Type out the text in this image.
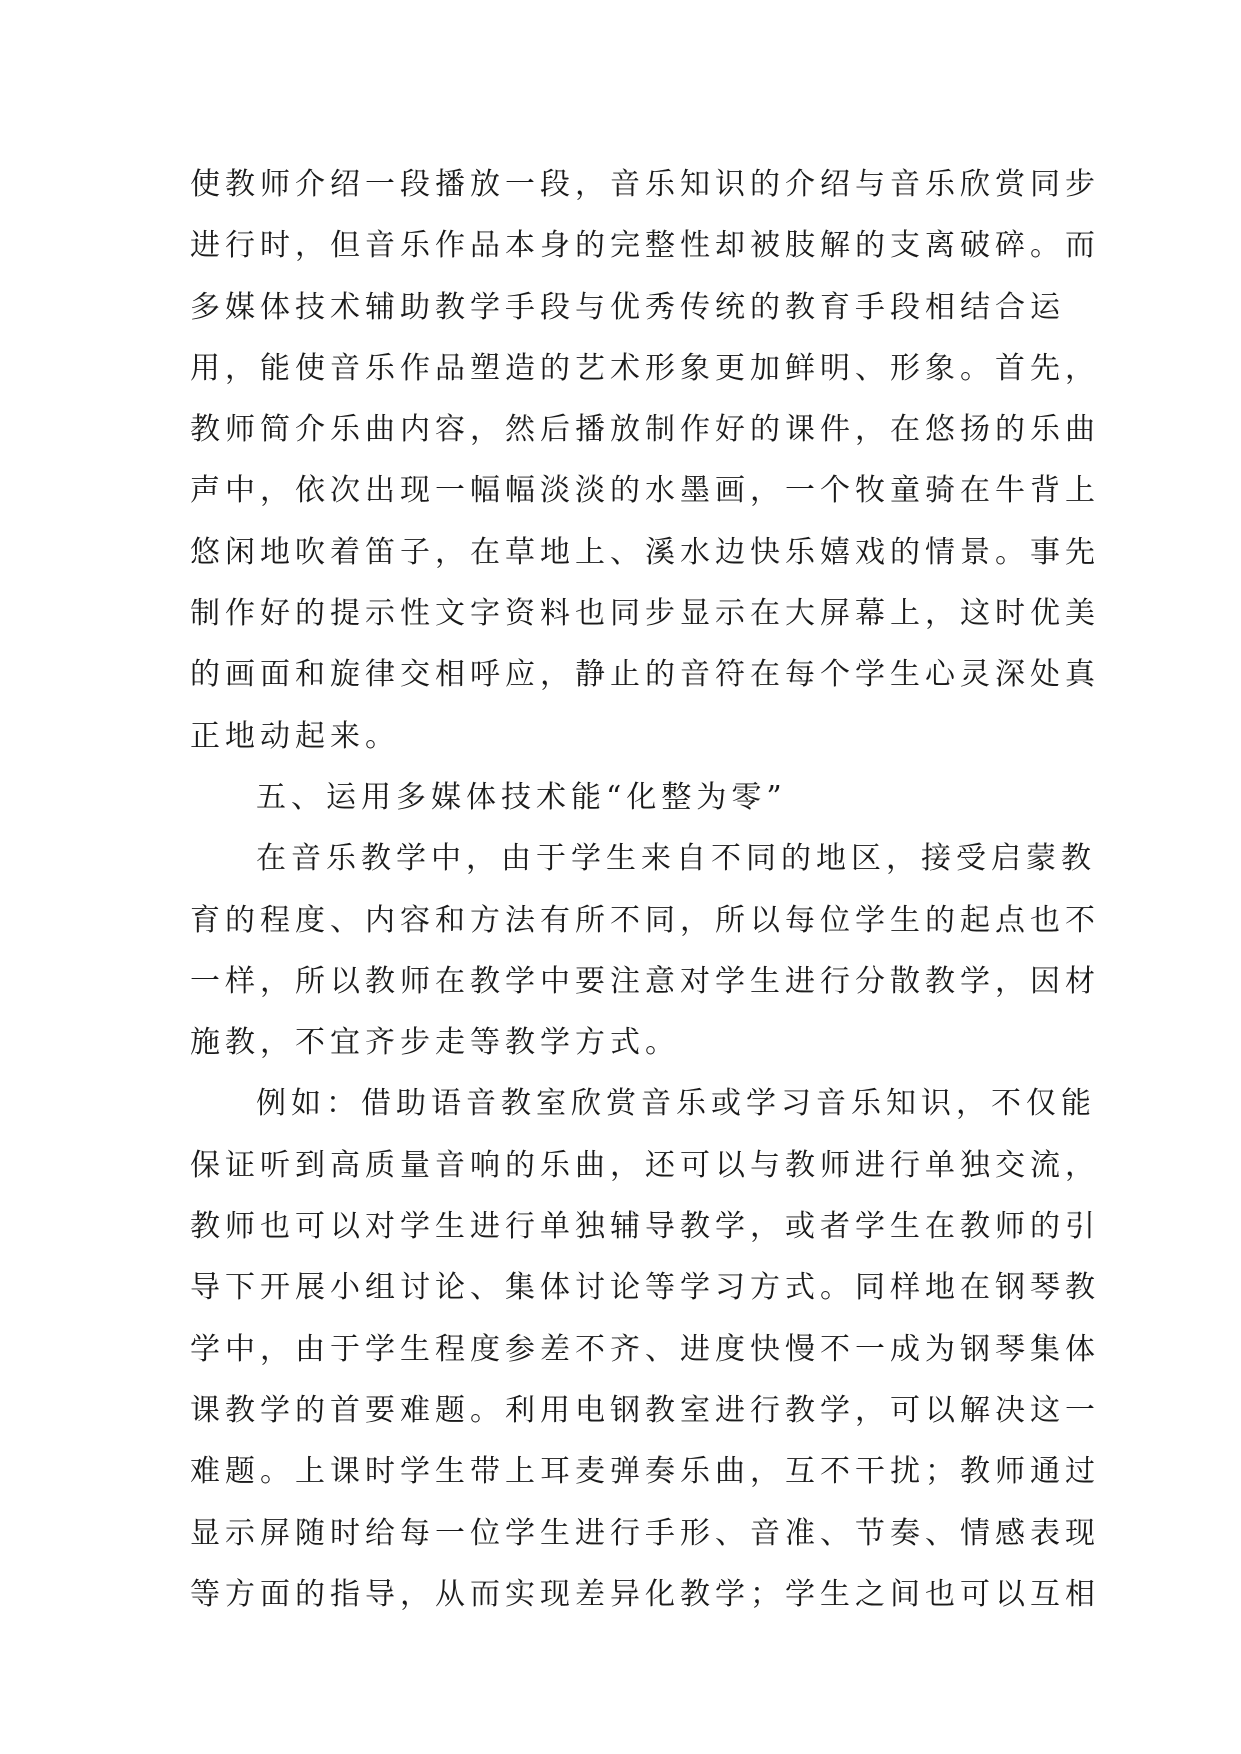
使教师介绍一段播放一段，音乐知识的介绍与音乐欣赏同步
进行时，但音乐作品本身的完整性却被肢解的支离破碎。而
多媒体技术辅助教学手段与优秀传统的教育手段相结合运
用，能使音乐作品塑造的艺术形象更加鲜明、形象。首先，
教师简介乐曲内容，然后播放制作好的课件，在悠扬的乐曲
声中，依次出现一幅幅淡淡的水墨画，一个牧童骑在牛背上
悠闲地吹着笛子，在草地上、溪水边快乐嬉戏的情景。事先
制作好的提示性文字资料也同步显示在大屏幕上，这时优美
的画面和旋律交相呼应，静止的音符在每个学生心灵深处真
正地动起来。
五、运用多媒体技术能“化整为零”
在音乐教学中，由于学生来自不同的地区，接受启蒙教
育的程度、内容和方法有所不同，所以每位学生的起点也不
一样，所以教师在教学中要注意对学生进行分散教学，因材
施教，不宜齐步走等教学方式。
例如：借助语音教室欣赏音乐或学习音乐知识，不仅能
保证听到高质量音响的乐曲，还可以与教师进行单独交流，
教师也可以对学生进行单独辅导教学，或者学生在教师的引
导下开展小组讨论、集体讨论等学习方式。同样地在钢琴教
学中，由于学生程度参差不齐、进度快慢不一成为钢琴集体
课教学的首要难题。利用电钢教室进行教学，可以解决这一
难题。上课时学生带上耳麦弹奏乐曲，互不干扰；教师通过
显示屏随时给每一位学生进行手形、音准、节奏、情感表现
等方面的指导，从而实现差异化教学；学生之间也可以互相
